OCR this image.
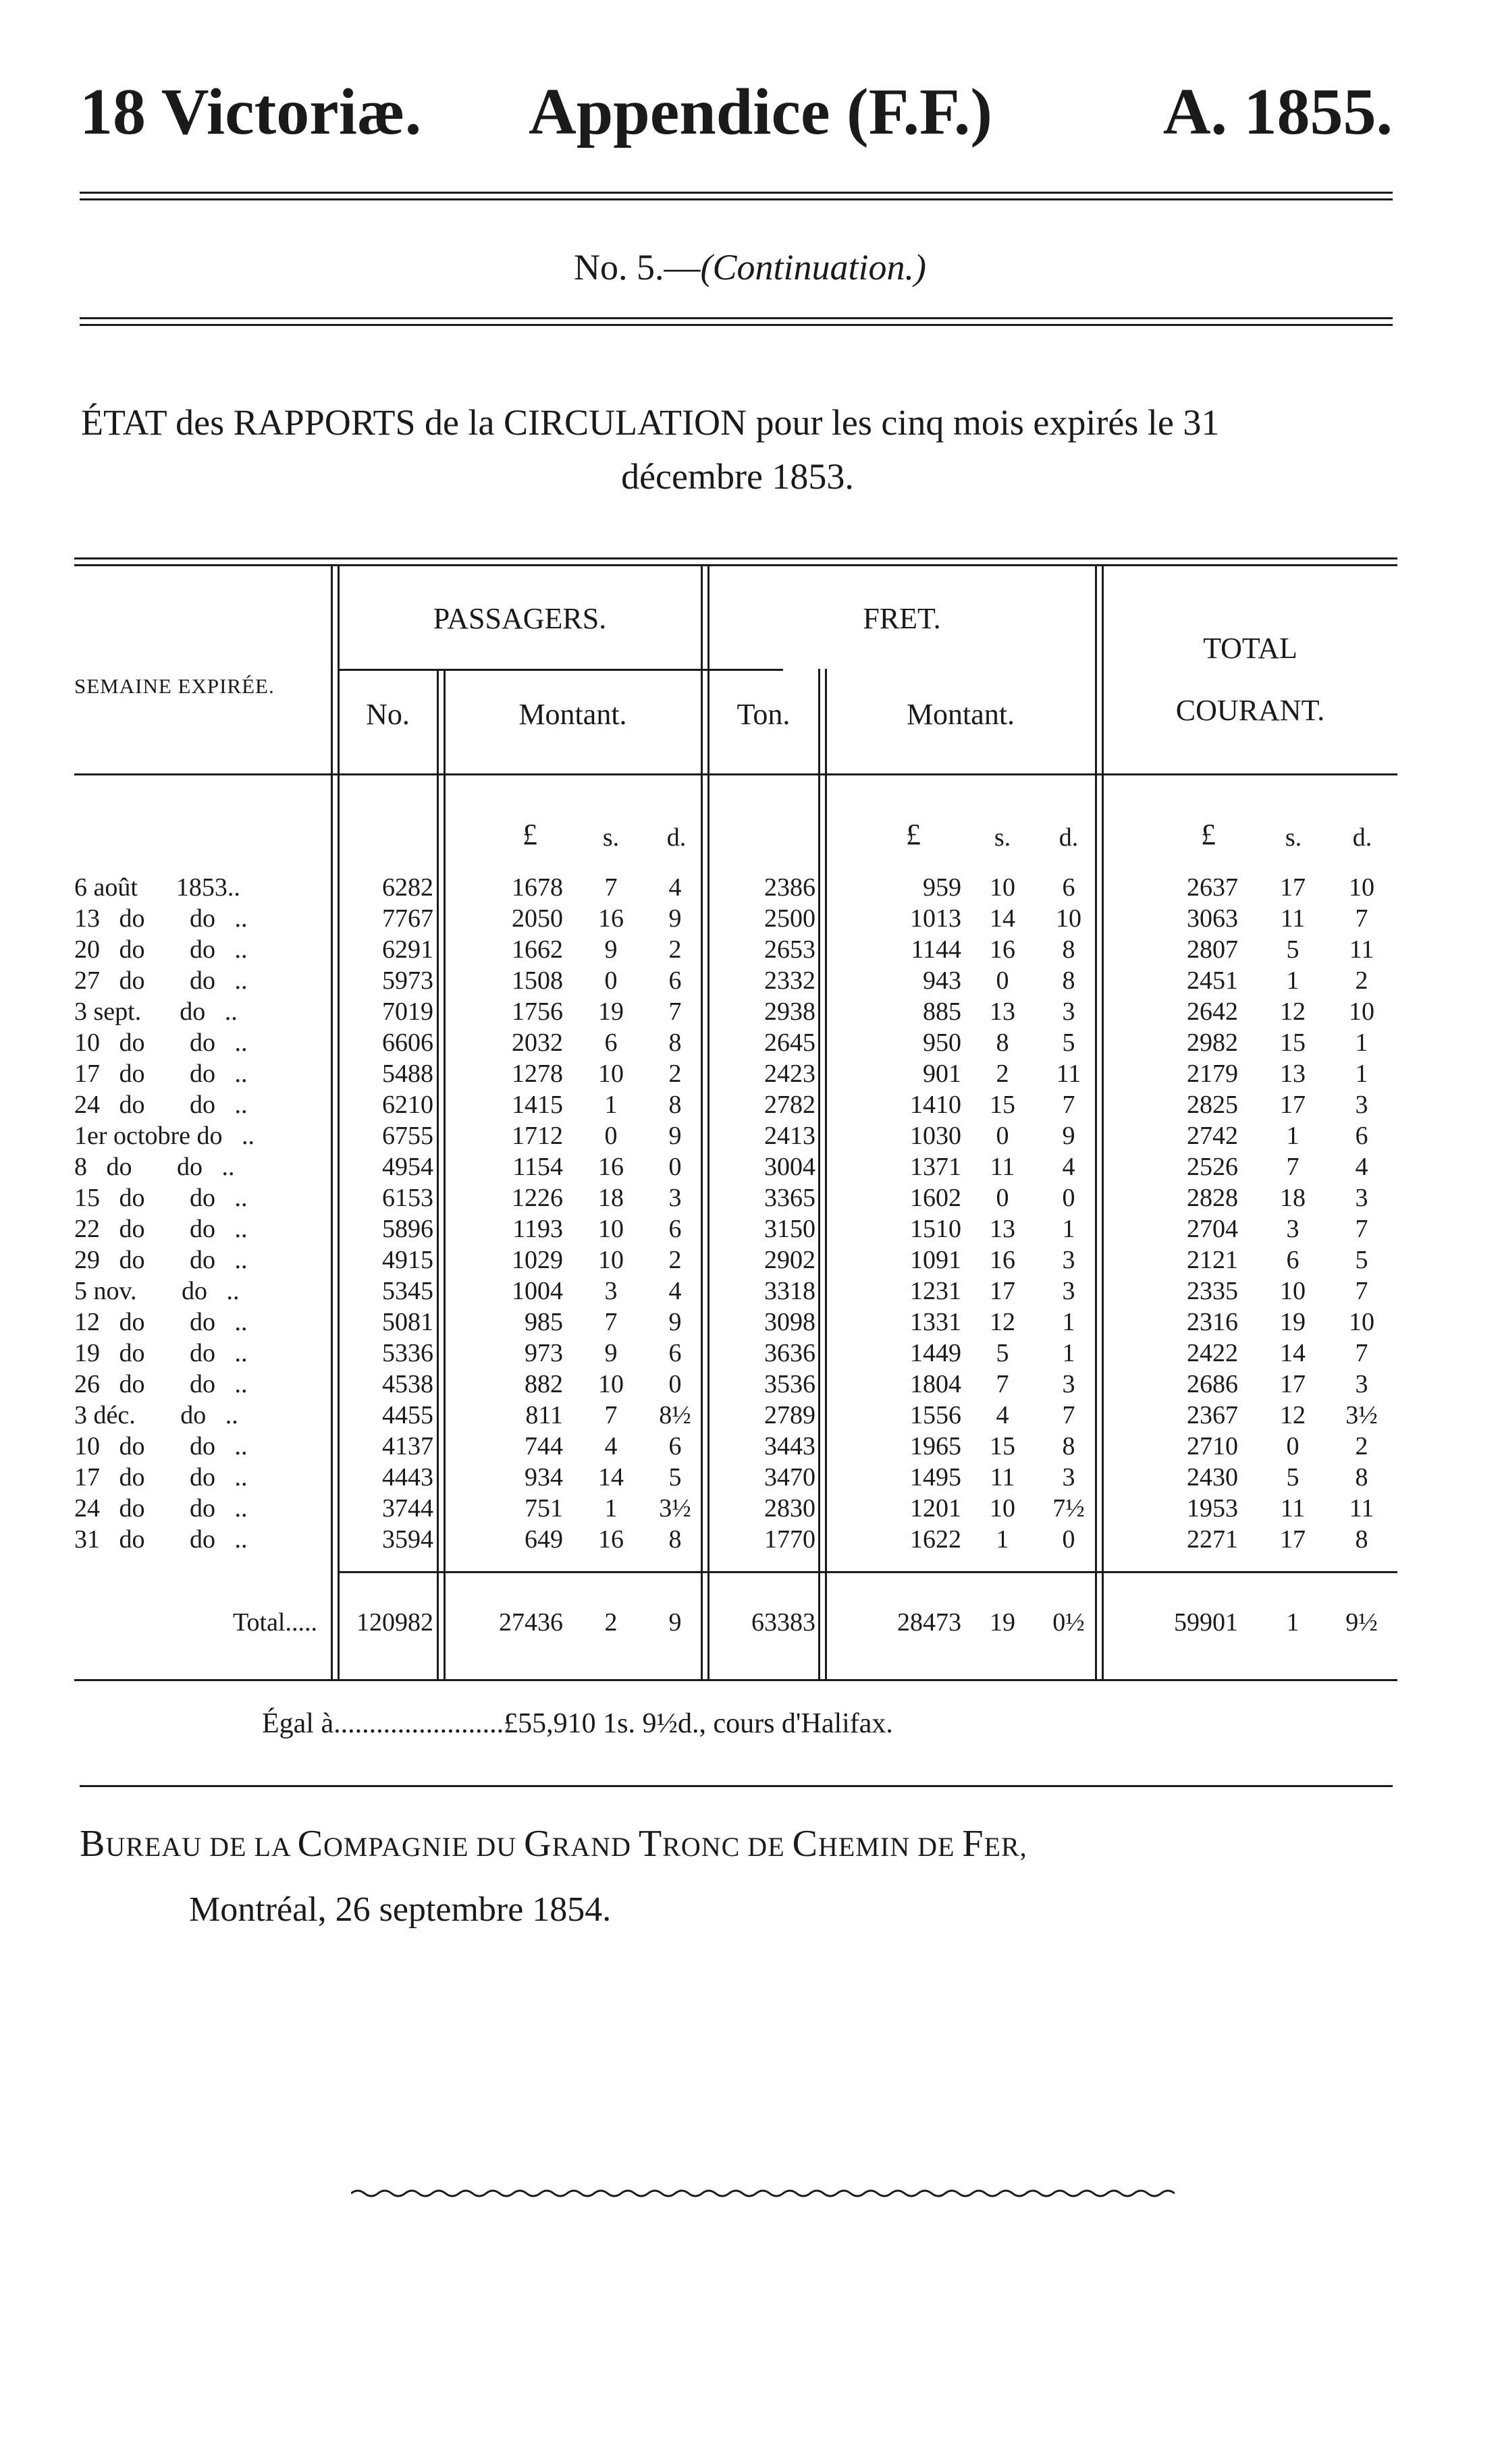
18 Victoriæ. Appendice (F.F.)	A. 1855.
No. 5.—(Continuation.)
ÉTAT des RAPPORTS de la CIRCULATION pour les cinq mois expirés le 31
décembre 1853.
SEMAINE EXPIRÉE.
PASSAGERS.	FRET.
TOTAL
COURANT.
No.	Montant.	Ton.	Montant.
£	s.	d.	£	s.	d.	£	s.	d.
6 août      1853..	6282	1678	7	4	2386	959	10	6	2637	17	10
13   do       do   ..	7767	2050	16	9	2500	1013	14	10	3063	11	7
20   do       do   ..	6291	1662	9	2	2653	1144	16	8	2807	5	11
27   do       do   ..	5973	1508	0	6	2332	943	0	8	2451	1	2
3 sept.      do   ..	7019	1756	19	7	2938	885	13	3	2642	12	10
10   do       do   ..	6606	2032	6	8	2645	950	8	5	2982	15	1
17   do       do   ..	5488	1278	10	2	2423	901	2	11	2179	13	1
24   do       do   ..	6210	1415	1	8	2782	1410	15	7	2825	17	3
1er octobre do   ..	6755	1712	0	9	2413	1030	0	9	2742	1	6
8   do       do   ..	4954	1154	16	0	3004	1371	11	4	2526	7	4
15   do       do   ..	6153	1226	18	3	3365	1602	0	0	2828	18	3
22   do       do   ..	5896	1193	10	6	3150	1510	13	1	2704	3	7
29   do       do   ..	4915	1029	10	2	2902	1091	16	3	2121	6	5
5 nov.       do   ..	5345	1004	3	4	3318	1231	17	3	2335	10	7
12   do       do   ..	5081	985	7	9	3098	1331	12	1	2316	19	10
19   do       do   ..	5336	973	9	6	3636	1449	5	1	2422	14	7
26   do       do   ..	4538	882	10	0	3536	1804	7	3	2686	17	3
3 déc.       do   ..	4455	811	7	8½	2789	1556	4	7	2367	12	3½
10   do       do   ..	4137	744	4	6	3443	1965	15	8	2710	0	2
17   do       do   ..	4443	934	14	5	3470	1495	11	3	2430	5	8
24   do       do   ..	3744	751	1	3½	2830	1201	10	7½	1953	11	11
31   do       do   ..	3594	649	16	8	1770	1622	1	0	2271	17	8
Total.....	120982	27436	2	9	63383	28473	19	0½	59901	1	9½
Égal à........................£55,910 1s. 9½d., cours d'Halifax.
BUREAU DE LA COMPAGNIE DU GRAND TRONC DE CHEMIN DE FER,
Montréal, 26 septembre 1854.
